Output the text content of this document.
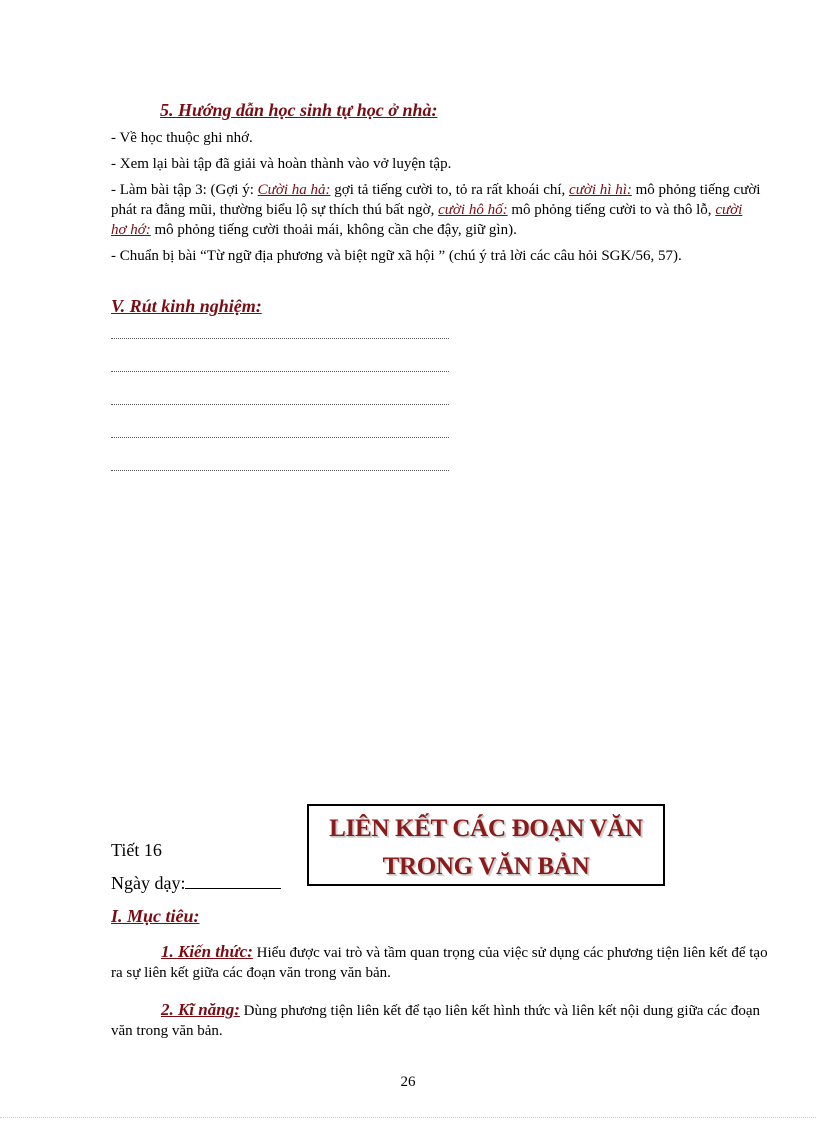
5. Hướng dẫn học sinh tự học ở nhà:

- Về học thuộc ghi nhớ.

- Xem lại bài tập đã giải và hoàn thành vào vở luyện tập.

- Làm bài tập 3: (Gợi ý: Cười ha hả: gợi tả tiếng cười to, tỏ ra rất khoái chí, cười hì hì: mô phỏng tiếng cười phát ra đằng mũi, thường biểu lộ sự thích thú bất ngờ, cười hô hố: mô phỏng tiếng cười to và thô lỗ, cười hơ hớ: mô phỏng tiếng cười thoải mái, không cần che đậy, giữ gìn).

- Chuẩn bị bài “Từ ngữ địa phương và biệt ngữ xã hội ” (chú ý trả lời các câu hỏi SGK/56, 57).

V. Rút kinh nghiệm:
Tiết 16
Ngày dạy:
LIÊN KẾT CÁC ĐOẠN VĂN
TRONG VĂN BẢN
I. Mục tiêu:
1. Kiến thức: Hiểu được vai trò và tầm quan trọng của việc sử dụng các phương tiện liên kết để tạo ra sự liên kết giữa các đoạn văn trong văn bản.
2. Kĩ năng: Dùng phương tiện liên kết để tạo liên kết hình thức và liên kết nội dung giữa các đoạn văn trong văn bản.
26
